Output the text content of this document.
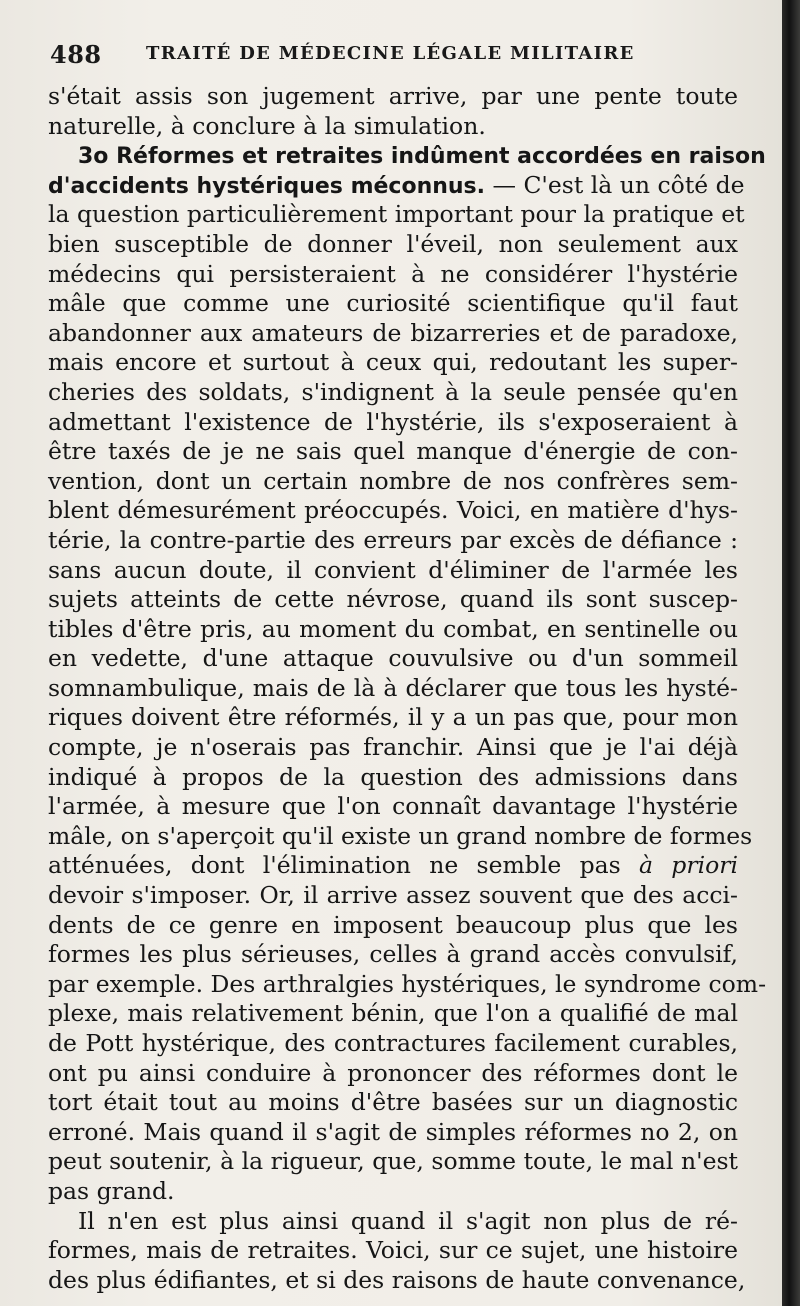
488 TRAITÉ DE MÉDECINE LÉGALE MILITAIRE
s'était assis son jugement arrive, par une pente toute
naturelle, à conclure à la simulation.
3o Réformes et retraites indûment accordées en raison
d'accidents hystériques méconnus. — C'est là un côté de
la question particulièrement important pour la pratique et
bien susceptible de donner l'éveil, non seulement aux
médecins qui persisteraient à ne considérer l'hystérie
mâle que comme une curiosité scientifique qu'il faut
abandonner aux amateurs de bizarreries et de paradoxe,
mais encore et surtout à ceux qui, redoutant les super-
cheries des soldats, s'indignent à la seule pensée qu'en
admettant l'existence de l'hystérie, ils s'exposeraient à
être taxés de je ne sais quel manque d'énergie de con-
vention, dont un certain nombre de nos confrères sem-
blent démesurément préoccupés. Voici, en matière d'hys-
térie, la contre-partie des erreurs par excès de défiance :
sans aucun doute, il convient d'éliminer de l'armée les
sujets atteints de cette névrose, quand ils sont suscep-
tibles d'être pris, au moment du combat, en sentinelle ou
en vedette, d'une attaque couvulsive ou d'un sommeil
somnambulique, mais de là à déclarer que tous les hysté-
riques doivent être réformés, il y a un pas que, pour mon
compte, je n'oserais pas franchir. Ainsi que je l'ai déjà
indiqué à propos de la question des admissions dans
l'armée, à mesure que l'on connaît davantage l'hystérie
mâle, on s'aperçoit qu'il existe un grand nombre de formes
atténuées, dont l'élimination ne semble pas à priori
devoir s'imposer. Or, il arrive assez souvent que des acci-
dents de ce genre en imposent beaucoup plus que les
formes les plus sérieuses, celles à grand accès convulsif,
par exemple. Des arthralgies hystériques, le syndrome com-
plexe, mais relativement bénin, que l'on a qualifié de mal
de Pott hystérique, des contractures facilement curables,
ont pu ainsi conduire à prononcer des réformes dont le
tort était tout au moins d'être basées sur un diagnostic
erroné. Mais quand il s'agit de simples réformes no 2, on
peut soutenir, à la rigueur, que, somme toute, le mal n'est
pas grand.
Il n'en est plus ainsi quand il s'agit non plus de ré-
formes, mais de retraites. Voici, sur ce sujet, une histoire
des plus édifiantes, et si des raisons de haute convenance,
